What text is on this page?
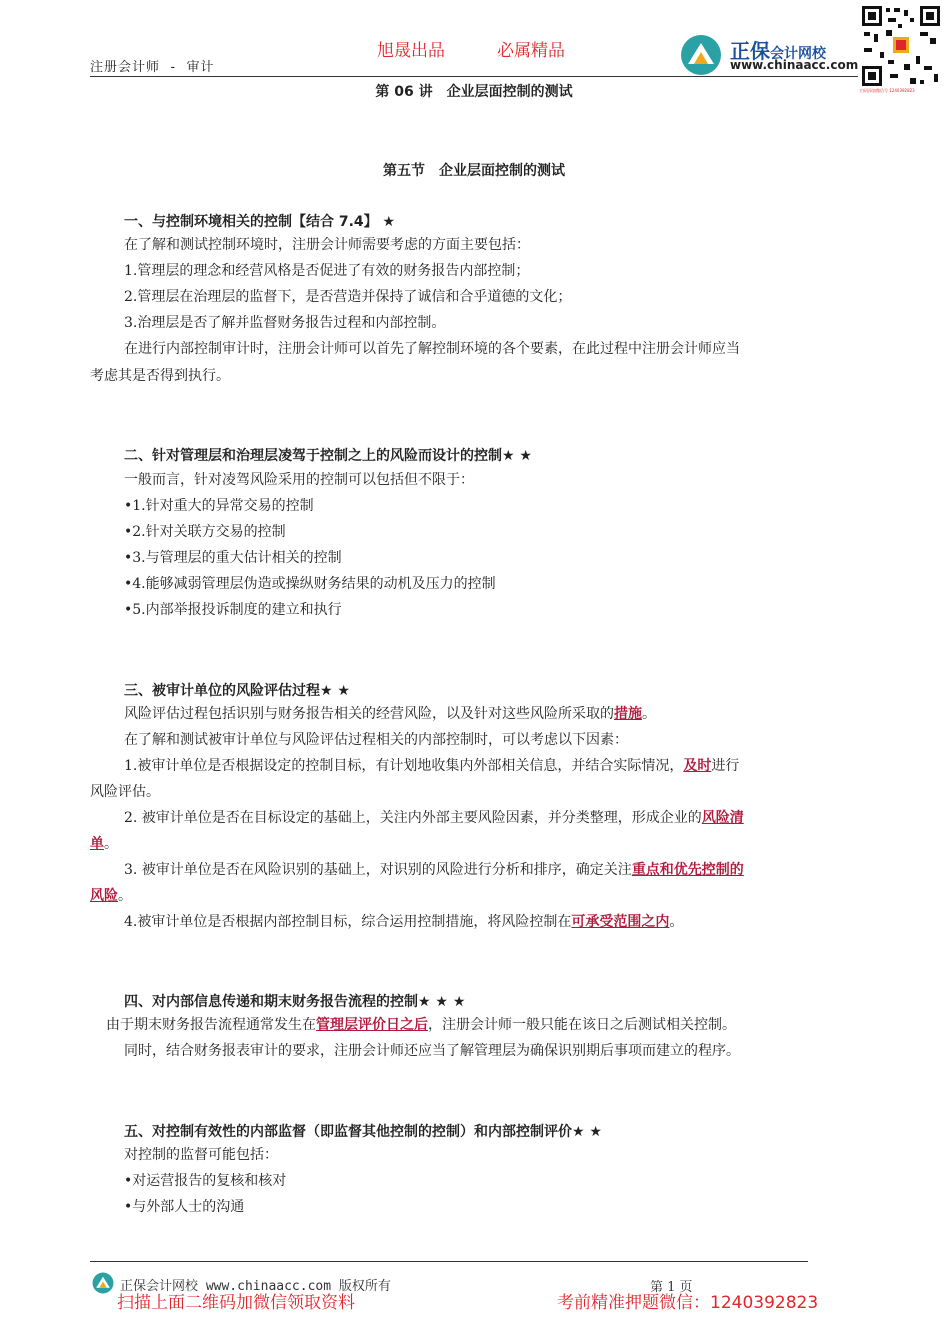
旭晟出品	必属精品
注册会计师 - 审计
正保会计网校
www.chinaacc.com
扫码添加微信号 1240392823
第 06 讲　企业层面控制的测试
第五节　企业层面控制的测试
一、与控制环境相关的控制【结合 7.4】 ★
在了解和测试控制环境时，注册会计师需要考虑的方面主要包括：
1.管理层的理念和经营风格是否促进了有效的财务报告内部控制；
2.管理层在治理层的监督下，是否营造并保持了诚信和合乎道德的文化；
3.治理层是否了解并监督财务报告过程和内部控制。
在进行内部控制审计时，注册会计师可以首先了解控制环境的各个要素，在此过程中注册会计师应当
考虑其是否得到执行。
二、针对管理层和治理层凌驾于控制之上的风险而设计的控制★ ★
一般而言，针对凌驾风险采用的控制可以包括但不限于：
•1.针对重大的异常交易的控制
•2.针对关联方交易的控制
•3.与管理层的重大估计相关的控制
•4.能够减弱管理层伪造或操纵财务结果的动机及压力的控制
•5.内部举报投诉制度的建立和执行
三、被审计单位的风险评估过程★ ★
风险评估过程包括识别与财务报告相关的经营风险，以及针对这些风险所采取的措施。
在了解和测试被审计单位与风险评估过程相关的内部控制时，可以考虑以下因素：
1.被审计单位是否根据设定的控制目标，有计划地收集内外部相关信息，并结合实际情况，及时进行
风险评估。
2. 被审计单位是否在目标设定的基础上，关注内外部主要风险因素，并分类整理，形成企业的风险清
单。
3. 被审计单位是否在风险识别的基础上，对识别的风险进行分析和排序，确定关注重点和优先控制的
风险。
4.被审计单位是否根据内部控制目标，综合运用控制措施，将风险控制在可承受范围之内。
四、对内部信息传递和期末财务报告流程的控制★ ★ ★
由于期末财务报告流程通常发生在管理层评价日之后，注册会计师一般只能在该日之后测试相关控制。
同时，结合财务报表审计的要求，注册会计师还应当了解管理层为确保识别期后事项而建立的程序。
五、对控制有效性的内部监督（即监督其他控制的控制）和内部控制评价★ ★
对控制的监督可能包括：
•对运营报告的复核和核对
•与外部人士的沟通
正保会计网校 www.chinaacc.com 版权所有	第 1 页
扫描上面二维码加微信领取资料	考前精准押题微信：1240392823
